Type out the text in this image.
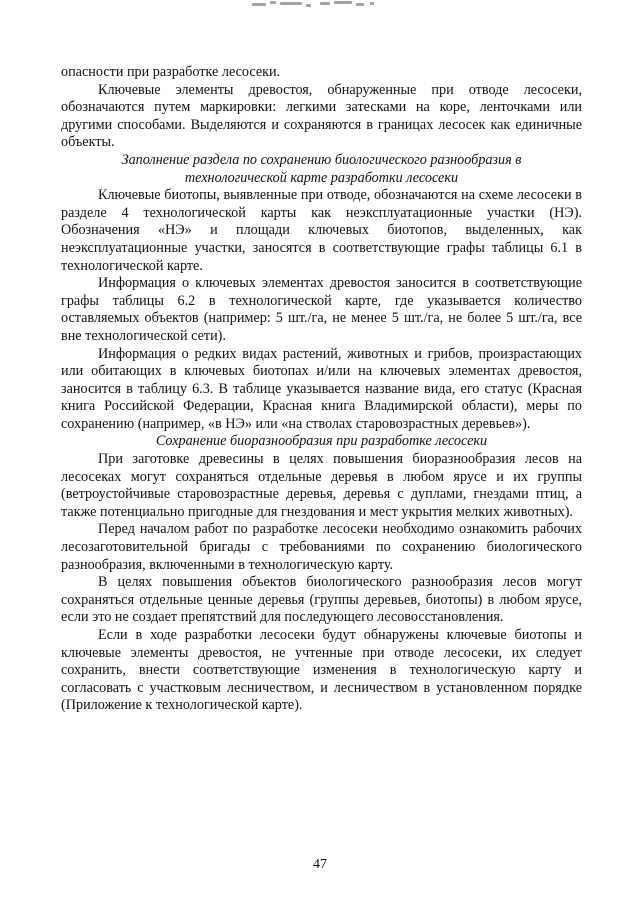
опасности при разработке лесосеки.

Ключевые элементы древостоя, обнаруженные при отводе лесосеки, обозначаются путем маркировки: легкими затесками на коре, ленточками или другими способами. Выделяются и сохраняются в границах лесосек как единичные объекты.

Заполнение раздела по сохранению биологического разнообразия в технологической карте разработки лесосеки

Ключевые биотопы, выявленные при отводе, обозначаются на схеме лесосеки в разделе 4 технологической карты как неэксплуатационные участки (НЭ). Обозначения «НЭ» и площади ключевых биотопов, выделенных, как неэксплуатационные участки, заносятся в соответствующие графы таблицы 6.1 в технологической карте.

Информация о ключевых элементах древостоя заносится в соответствующие графы таблицы 6.2 в технологической карте, где указывается количество оставляемых объектов (например: 5 шт./га, не менее 5 шт./га, не более 5 шт./га, все вне технологической сети).

Информация о редких видах растений, животных и грибов, произрастающих или обитающих в ключевых биотопах и/или на ключевых элементах древостоя, заносится в таблицу 6.3. В таблице указывается название вида, его статус (Красная книга Российской Федерации, Красная книга Владимирской области), меры по сохранению (например, «в НЭ» или «на стволах старовозрастных деревьев»).

Сохранение биоразнообразия при разработке лесосеки

При заготовке древесины в целях повышения биоразнообразия лесов на лесосеках могут сохраняться отдельные деревья в любом ярусе и их группы (ветроустойчивые старовозрастные деревья, деревья с дуплами, гнездами птиц, а также потенциально пригодные для гнездования и мест укрытия мелких животных).

Перед началом работ по разработке лесосеки необходимо ознакомить рабочих лесозаготовительной бригады с требованиями по сохранению биологического разнообразия, включенными в технологическую карту.

В целях повышения объектов биологического разнообразия лесов могут сохраняться отдельные ценные деревья (группы деревьев, биотопы) в любом ярусе, если это не создает препятствий для последующего лесовосстановления.

Если в ходе разработки лесосеки будут обнаружены ключевые биотопы и ключевые элементы древостоя, не учтенные при отводе лесосеки, их следует сохранить, внести соответствующие изменения в технологическую карту и согласовать с участковым лесничеством, и лесничеством в установленном порядке (Приложение к технологической карте).

47
